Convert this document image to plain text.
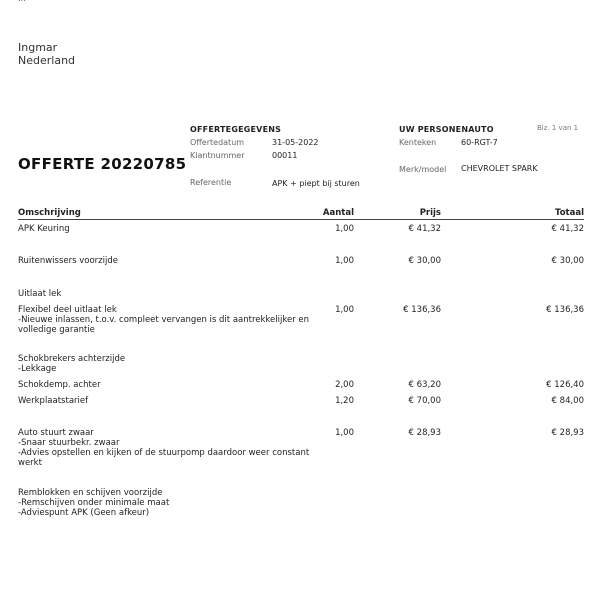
Ingmar
Nederland
OFFERTE 20220785
OFFERTEGEGEVENS
Offertedatum	31-05-2022
Klantnummer	00011
Referentie	APK + piept bij sturen
UW PERSONENAUTO
Kenteken	60-RGT-7
Merk/model CHEVROLET SPARK
Blz. 1 van 1
Omschrijving	Aantal	Prijs	Totaal
APK Keuring	1,00	€ 41,32	€ 41,32
Ruitenwissers voorzijde	1,00	€ 30,00	€ 30,00
Uitlaat lek
Flexibel deel uitlaat lek
-Nieuwe inlassen, t.o.v. compleet vervangen is dit aantrekkelijker en volledige garantie
1,00	€ 136,36	€ 136,36
Schokbrekers achterzijde
-Lekkage
Schokdemp. achter	2,00	€ 63,20	€ 126,40
Werkplaatstarief	1,20	€ 70,00	€ 84,00
Auto stuurt zwaar
-Snaar stuurbekr. zwaar
-Advies opstellen en kijken of de stuurpomp daardoor weer constant werkt
1,00	€ 28,93	€ 28,93
Remblokken en schijven voorzijde
-Remschijven onder minimale maat
-Adviespunt APK (Geen afkeur)
